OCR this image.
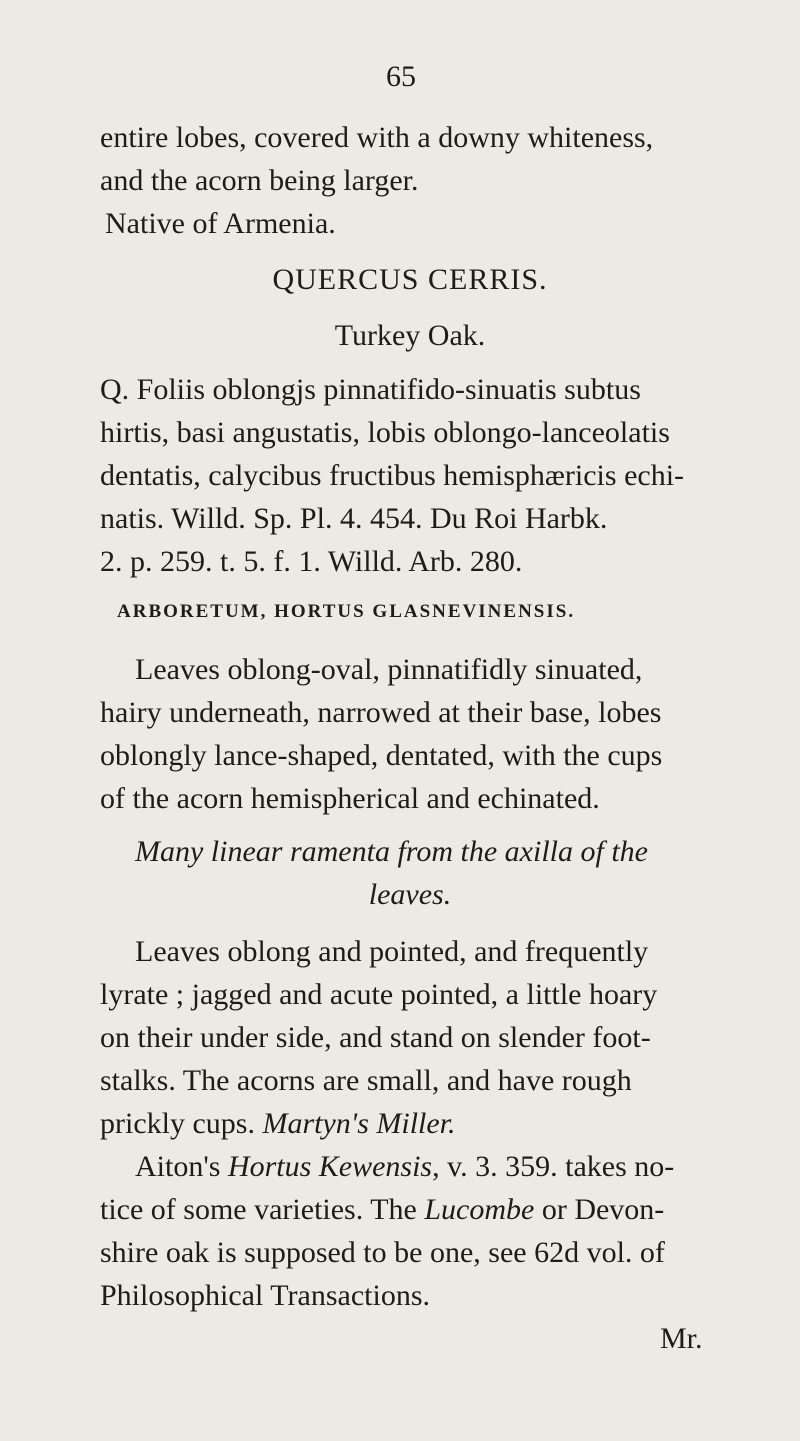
65
entire lobes, covered with a downy whiteness,
and the acorn being larger.
Native of Armenia.
QUERCUS CERRIS.
Turkey Oak.
Q. Foliis oblongjs pinnatifido-sinuatis subtus
hirtis, basi angustatis, lobis oblongo-lanceolatis
dentatis, calycibus fructibus hemisphæricis echi-
natis. Willd. Sp. Pl. 4. 454. Du Roi Harbk.
2. p. 259. t. 5. f. 1. Willd. Arb. 280.
ARBORETUM, HORTUS GLASNEVINENSIS.
Leaves oblong-oval, pinnatifidly sinuated,
hairy underneath, narrowed at their base, lobes
oblongly lance-shaped, dentated, with the cups
of the acorn hemispherical and echinated.
Many linear ramenta from the axilla of the
leaves.
Leaves oblong and pointed, and frequently
lyrate ; jagged and acute pointed, a little hoary
on their under side, and stand on slender foot-
stalks. The acorns are small, and have rough
prickly cups. Martyn's Miller.
Aiton's Hortus Kewensis, v. 3. 359. takes no-
tice of some varieties. The Lucombe or Devon-
shire oak is supposed to be one, see 62d vol. of
Philosophical Transactions.
Mr.
